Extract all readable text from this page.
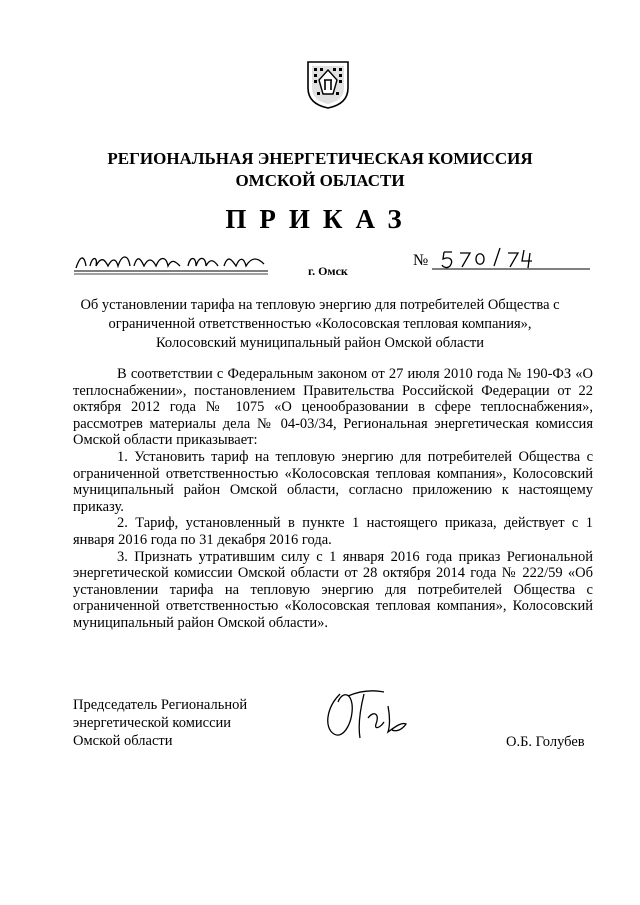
РЕГИОНАЛЬНАЯ ЭНЕРГЕТИЧЕСКАЯ КОМИССИЯ
ОМСКОЙ ОБЛАСТИ
ПРИКАЗ
г. Омск
№
Об установлении тарифа на тепловую энергию для потребителей Общества с
ограниченной ответственностью «Колосовская тепловая компания»,
Колосовский муниципальный район Омской области

В соответствии с Федеральным законом от 27 июля 2010 года № 190-ФЗ «О теплоснабжении», постановлением Правительства Российской Федерации от 22 октября 2012 года № 1075 «О ценообразовании в сфере теплоснабжения», рассмотрев материалы дела № 04-03/34, Региональная энергетическая комиссия Омской области приказывает:

1. Установить тариф на тепловую энергию для потребителей Общества с ограниченной ответственностью «Колосовская тепловая компания», Колосовский муниципальный район Омской области, согласно приложению к настоящему приказу.

2. Тариф, установленный в пункте 1 настоящего приказа, действует с 1 января 2016 года по 31 декабря 2016 года.

3. Признать утратившим силу с 1 января 2016 года приказ Региональной энергетической комиссии Омской области от 28 октября 2014 года № 222/59 «Об установлении тарифа на тепловую энергию для потребителей Общества с ограниченной ответственностью «Колосовская тепловая компания», Колосовский муниципальный район Омской области».

Председатель Региональной
энергетической комиссии
Омской области	О.Б. Голубев
